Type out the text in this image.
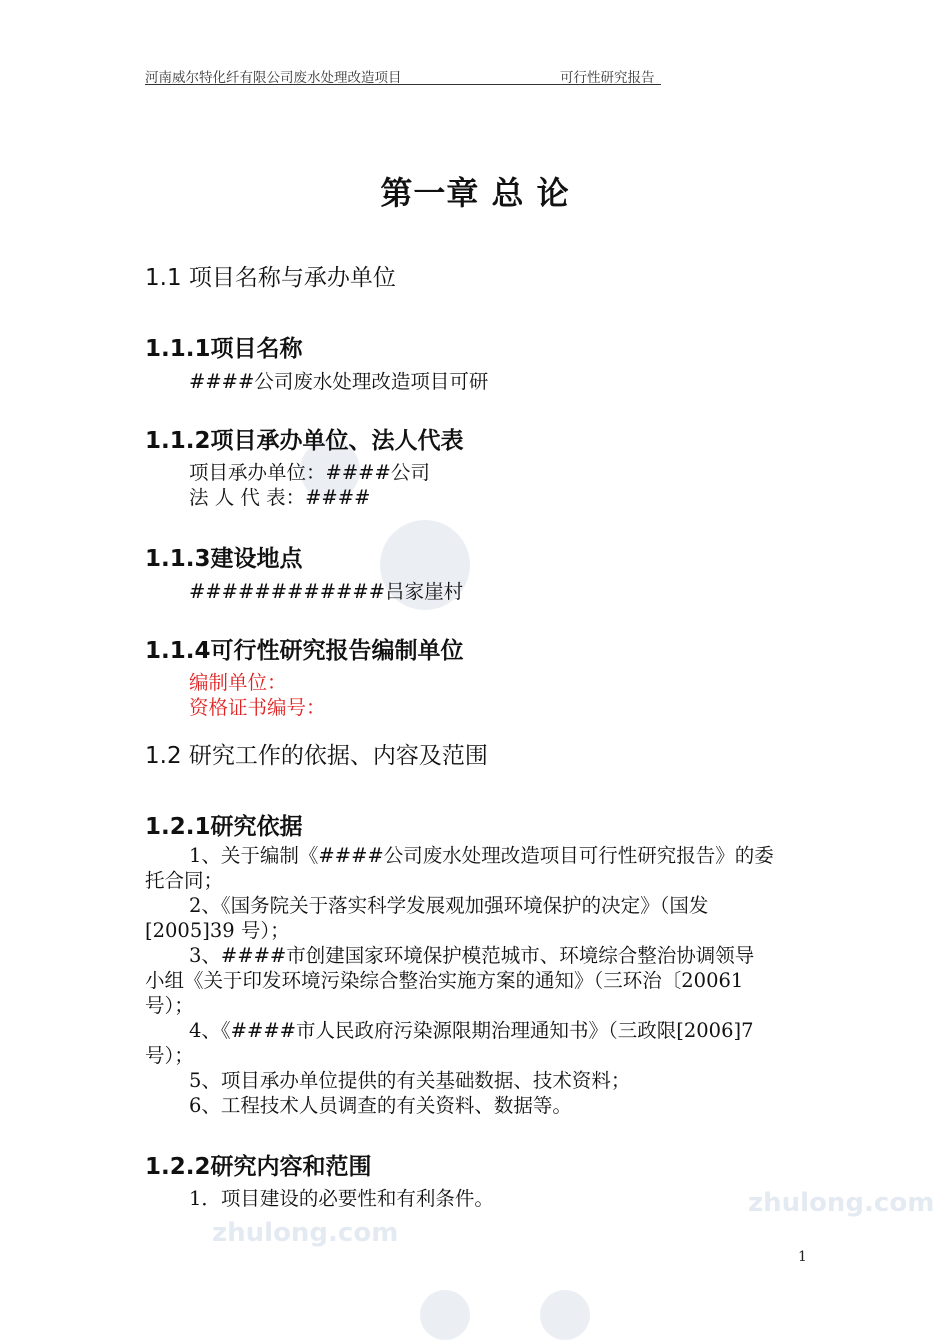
zhulong.com
zhulong.com
河南威尔特化纤有限公司废水处理改造项目	可行性研究报告
第一章 总 论
1.1 项目名称与承办单位
1.1.1项目名称
####公司废水处理改造项目可研
1.1.2项目承办单位、法人代表
项目承办单位：####公司
法 人 代 表：####
1.1.3建设地点
############吕家崖村
1.1.4可行性研究报告编制单位
编制单位：
资格证书编号：
1.2 研究工作的依据、内容及范围
1.2.1研究依据
1、关于编制《####公司废水处理改造项目可行性研究报告》的委
托合同；
2、《国务院关于落实科学发展观加强环境保护的决定》（国发
[2005]39 号）；
3、####市创建国家环境保护模范城市、环境综合整治协调领导
小组《关于印发环境污染综合整治实施方案的通知》（三环治〔20061
号）；
4、《####市人民政府污染源限期治理通知书》（三政限[2006]7
号）；
5、项目承办单位提供的有关基础数据、技术资料；
6、工程技术人员调查的有关资料、数据等。
1.2.2研究内容和范围
1．项目建设的必要性和有利条件。
1
